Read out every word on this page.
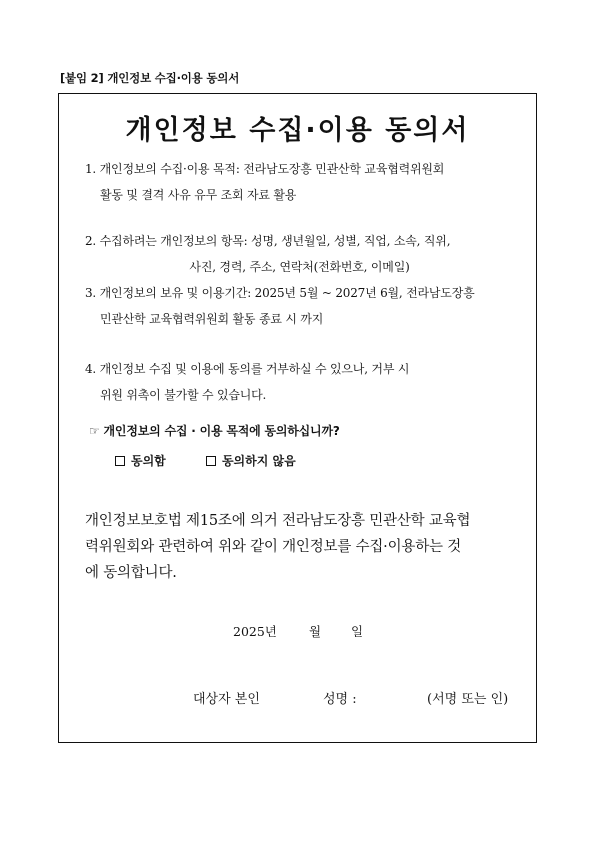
[붙임 2] 개인정보 수집·이용 동의서
개인정보 수집·이용 동의서
1. 개인정보의 수집·이용 목적: 전라남도장흥 민관산학 교육협력위원회
활동 및 결격 사유 유무 조회 자료 활용
2. 수집하려는 개인정보의 항목: 성명, 생년월일, 성별, 직업, 소속, 직위,
사진, 경력, 주소, 연락처(전화번호, 이메일)
3. 개인정보의 보유 및 이용기간: 2025년 5월 ~ 2027년 6월, 전라남도장흥
민관산학 교육협력위원회 활동 종료 시 까지
4. 개인정보 수집 및 이용에 동의를 거부하실 수 있으나, 거부 시
위원 위촉이 불가할 수 있습니다.
☞ 개인정보의 수집 · 이용 목적에 동의하십니까?
동의함
	동의하지 않음
개인정보보호법 제15조에 의거 전라남도장흥 민관산학 교육협
력위원회와 관련하여 위와 같이 개인정보를 수집·이용하는 것
에 동의합니다.
2025년	월 일
대상자 본인	성명 :	(서명 또는 인)
